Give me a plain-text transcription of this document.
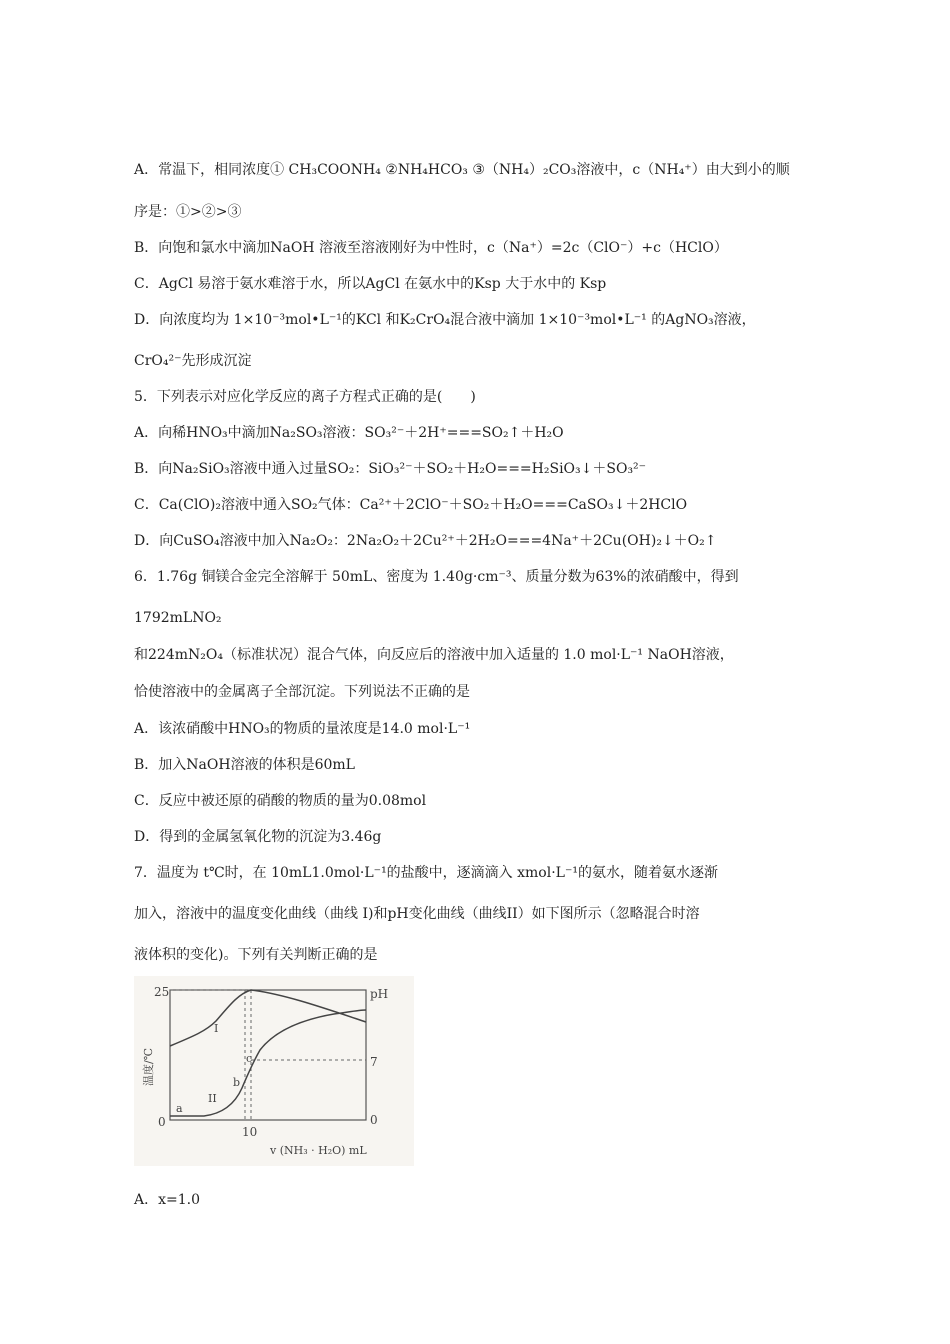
A．常温下，相同浓度① CH₃COONH₄ ②NH₄HCO₃ ③（NH₄）₂CO₃溶液中，c（NH₄⁺）由大到小的顺
序是：①>②>③
B．向饱和氯水中滴加NaOH 溶液至溶液刚好为中性时，c（Na⁺）=2c（ClO⁻）+c（HClO）
C．AgCl 易溶于氨水难溶于水，所以AgCl 在氨水中的Ksp 大于水中的 Ksp
D．向浓度均为 1×10⁻³mol•L⁻¹的KCl 和K₂CrO₄混合液中滴加 1×10⁻³mol•L⁻¹ 的AgNO₃溶液，
CrO₄²⁻先形成沉淀
5．下列表示对应化学反应的离子方程式正确的是(　　)
A．向稀HNO₃中滴加Na₂SO₃溶液：SO₃²⁻＋2H⁺===SO₂↑＋H₂O
B．向Na₂SiO₃溶液中通入过量SO₂：SiO₃²⁻＋SO₂＋H₂O===H₂SiO₃↓＋SO₃²⁻
C．Ca(ClO)₂溶液中通入SO₂气体：Ca²⁺＋2ClO⁻＋SO₂＋H₂O===CaSO₃↓＋2HClO
D．向CuSO₄溶液中加入Na₂O₂：2Na₂O₂＋2Cu²⁺＋2H₂O===4Na⁺＋2Cu(OH)₂↓＋O₂↑
6．1.76g 铜镁合金完全溶解于 50mL、密度为 1.40g·cm⁻³、质量分数为63%的浓硝酸中，得到
1792mLNO₂
和224mN₂O₄（标准状况）混合气体，向反应后的溶液中加入适量的 1.0 mol·L⁻¹ NaOH溶液，
恰使溶液中的金属离子全部沉淀。下列说法不正确的是
A．该浓硝酸中HNO₃的物质的量浓度是14.0 mol·L⁻¹
B．加入NaOH溶液的体积是60mL
C．反应中被还原的硝酸的物质的量为0.08mol
D．得到的金属氢氧化物的沉淀为3.46g
7．温度为 t℃时，在 10mL1.0mol·L⁻¹的盐酸中，逐滴滴入 xmol·L⁻¹的氨水，随着氨水逐渐
加入，溶液中的温度变化曲线（曲线 I)和pH变化曲线（曲线II）如下图所示（忽略混合时溶
液体积的变化)。下列有关判断正确的是
25
0
pH
7
0
10
v (NH₃ · H₂O) mL
温度/℃
I
II
a
b
c
A．x=1.0
